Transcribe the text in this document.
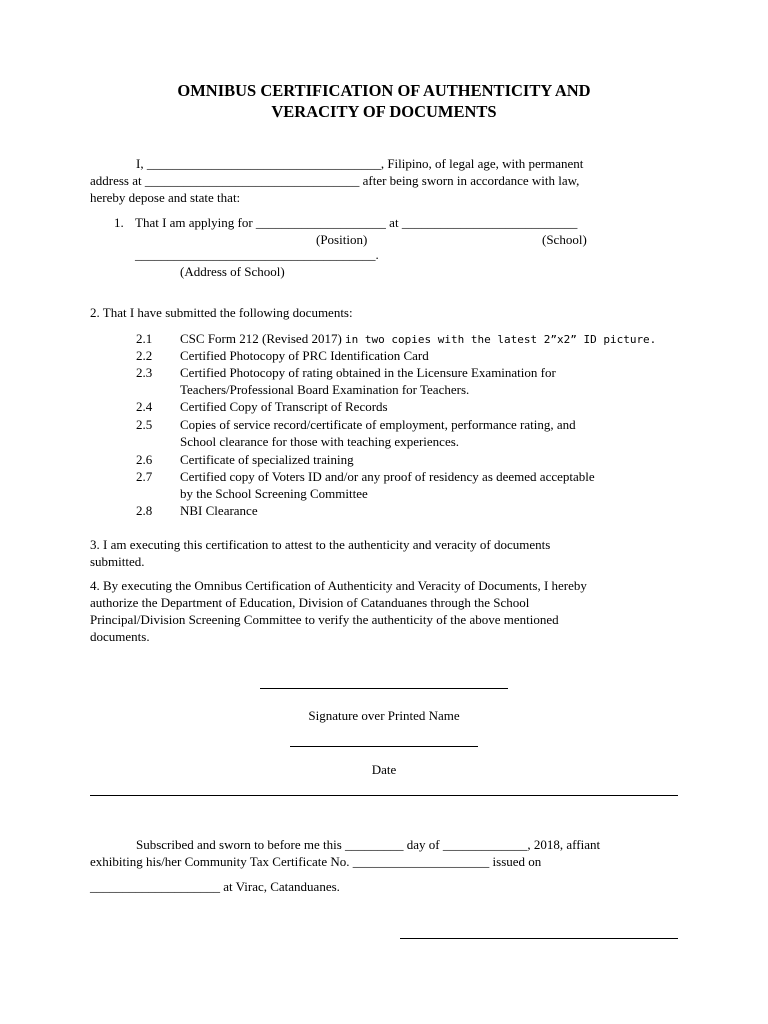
OMNIBUS CERTIFICATION OF AUTHENTICITY AND
VERACITY OF DOCUMENTS
I, ____________________________________, Filipino, of legal age, with permanent
address at _________________________________ after being sworn in accordance with law,
hereby depose and state that:
1. That I am applying for ____________________ at ___________________________
(Position)	(School)
_____________________________________.
(Address of School)
2. That I have submitted the following documents:
2.1 CSC Form 212 (Revised 2017) in two copies with the latest 2”x2” ID picture.
2.2 Certified Photocopy of PRC Identification Card
2.3 Certified Photocopy of rating obtained in the Licensure Examination for
Teachers/Professional Board Examination for Teachers.
2.4 Certified Copy of Transcript of Records
2.5 Copies of service record/certificate of employment, performance rating, and
School clearance for those with teaching experiences.
2.6 Certificate of specialized training
2.7 Certified copy of Voters ID and/or any proof of residency as deemed acceptable
by the School Screening Committee
2.8 NBI Clearance
3. I am executing this certification to attest to the authenticity and veracity of documents
submitted.
4. By executing the Omnibus Certification of Authenticity and Veracity of Documents, I hereby
authorize the Department of Education, Division of Catanduanes through the School
Principal/Division Screening Committee to verify the authenticity of the above mentioned
documents.
Signature over Printed Name
Date
Subscribed and sworn to before me this _________ day of _____________, 2018, affiant
exhibiting his/her Community Tax Certificate No. _____________________ issued on
____________________ at Virac, Catanduanes.
